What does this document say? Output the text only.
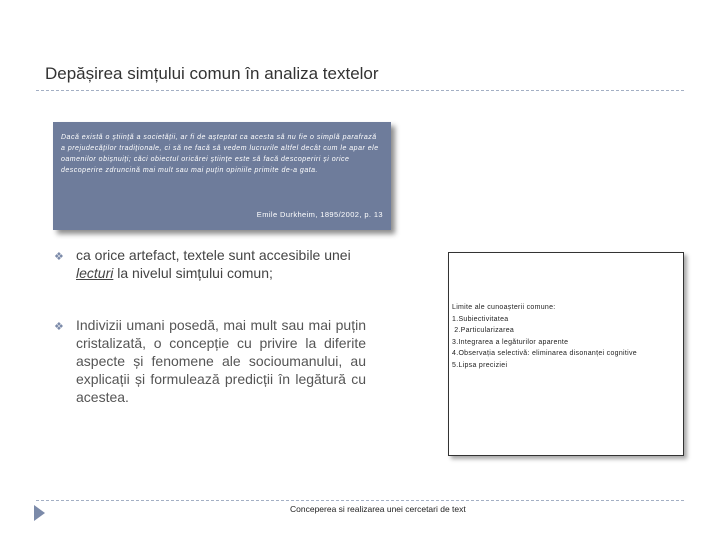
Depășirea simțului comun în analiza textelor
Dacă există o știință a societății, ar fi de așteptat ca acesta să nu fie o simplă parafrază a prejudecăților tradiționale, ci să ne facă să vedem lucrurile altfel decât cum le apar ele oamenilor obișnuiți; căci obiectul oricărei științe este să facă descoperiri și orice descoperire zdruncină mai mult sau mai puțin opiniile primite de-a gata.
Emile Durkheim, 1895/2002, p. 13
❖ ca orice artefact, textele sunt accesibile unei lecturi la nivelul simțului comun;
❖ Indivizii umani posedă, mai mult sau mai puțin cristalizată, o concepție cu privire la diferite aspecte și fenomene ale socioumanului, au explicații și formulează predicții în legătură cu acestea.
Limite ale cunoașterii comune:
1.Subiectivitatea
2.Particularizarea
3.Integrarea a legăturilor aparente
4.Observația selectivă: eliminarea disonanței cognitive
5.Lipsa preciziei
Conceperea si realizarea unei cercetari de text
